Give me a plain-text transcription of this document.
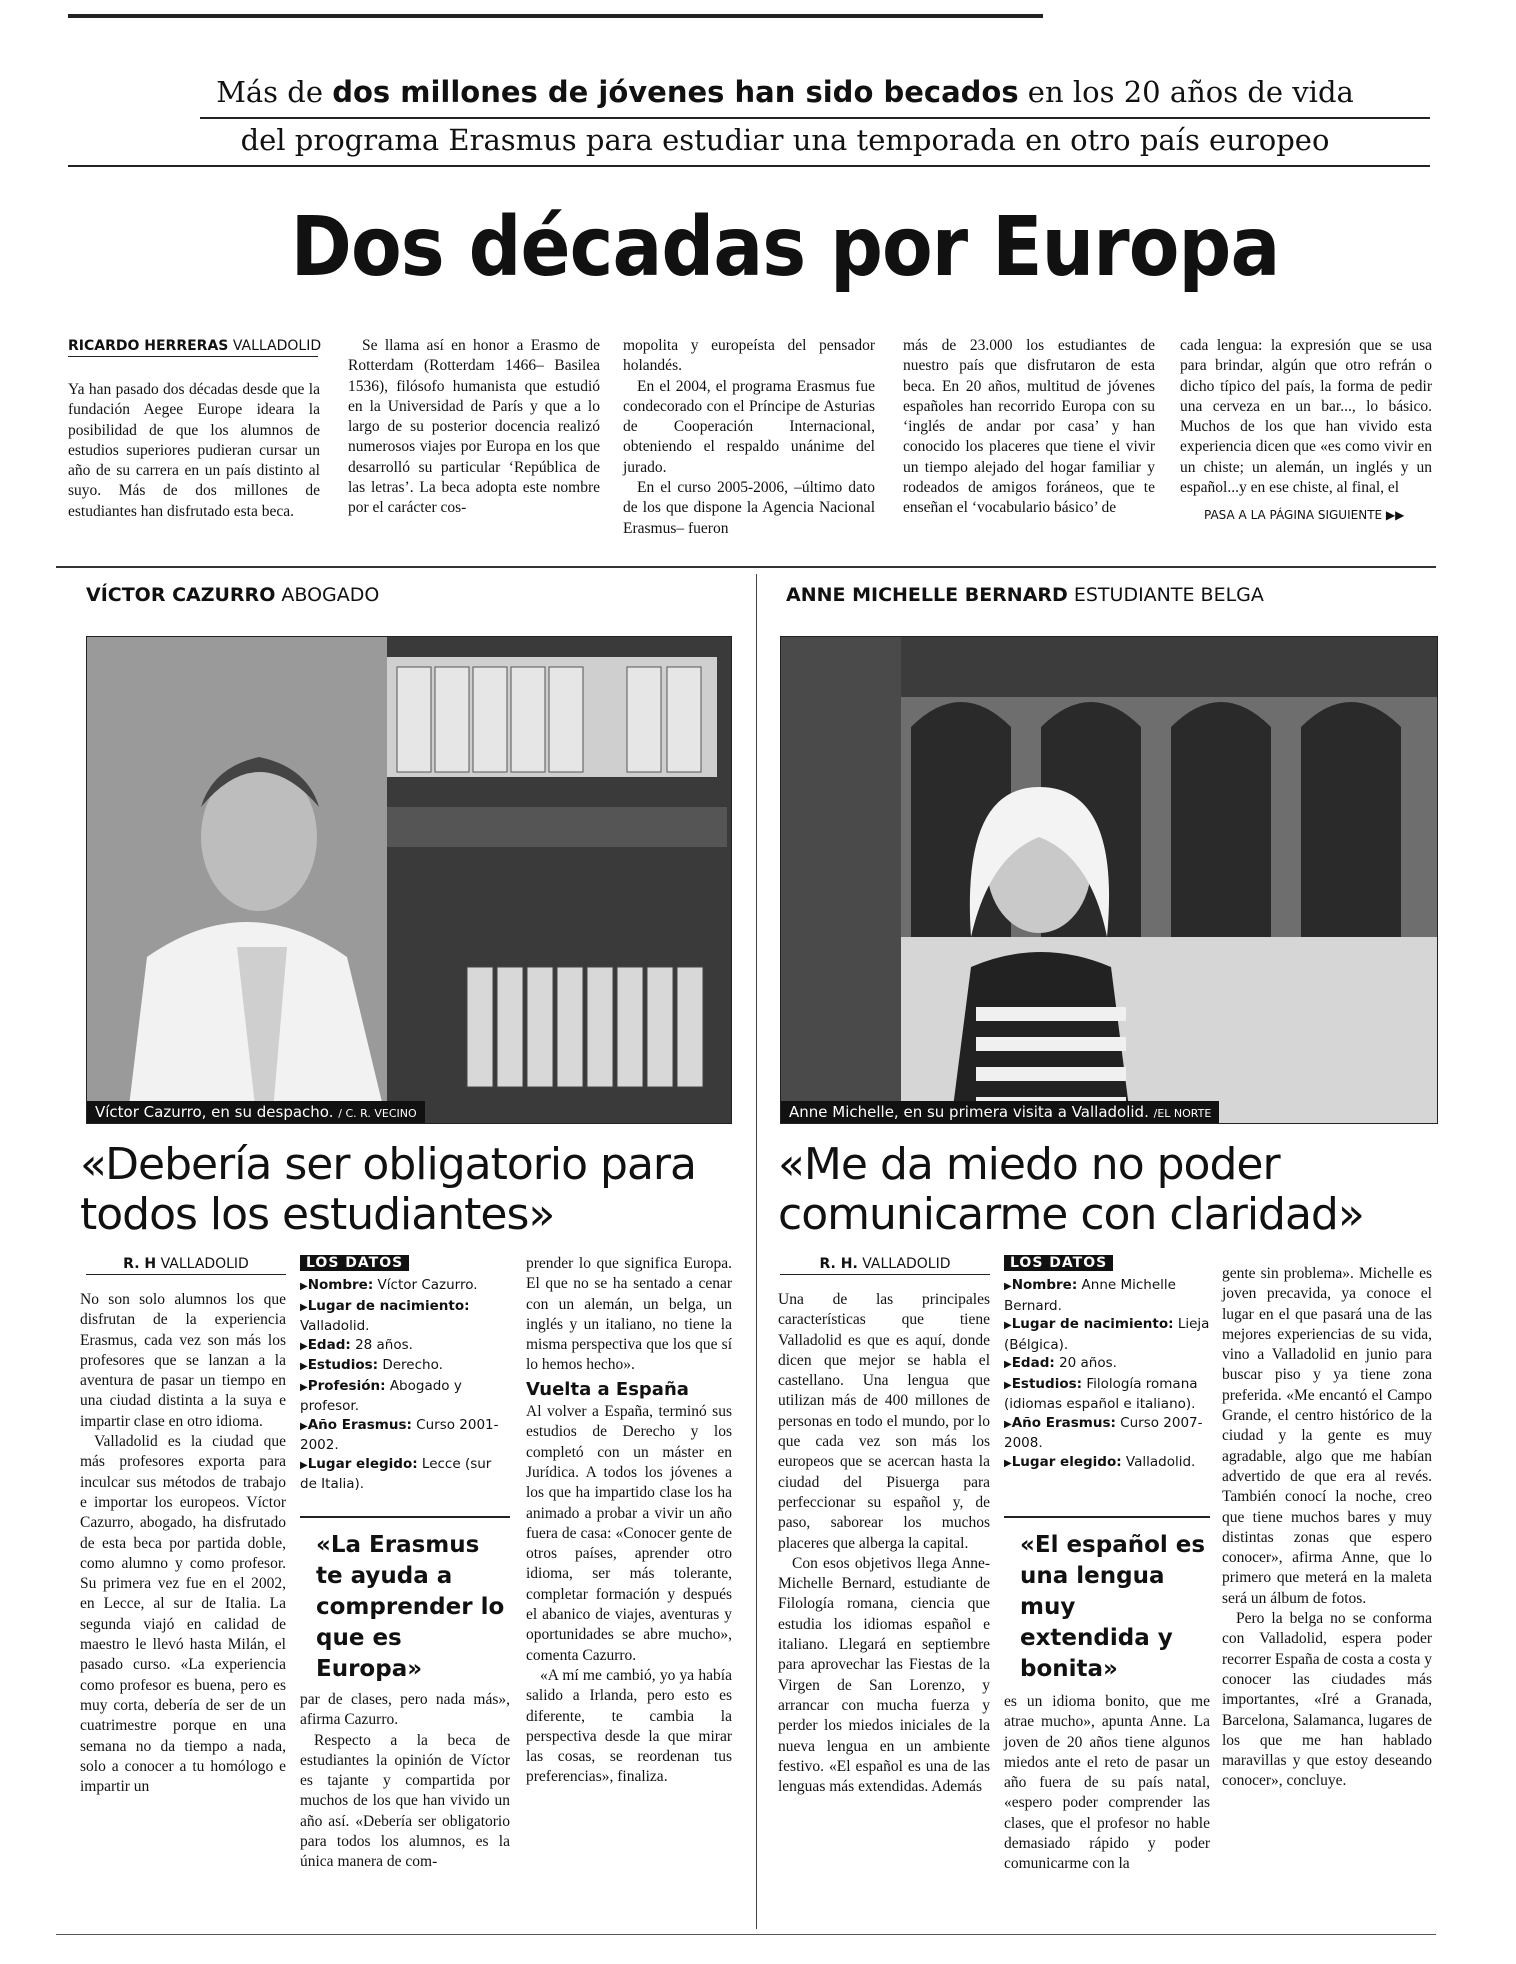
Más de dos millones de jóvenes han sido becados en los 20 años de vida
del programa Erasmus para estudiar una temporada en otro país europeo
Dos décadas por Europa
RICARDO HERRERAS VALLADOLID

Ya han pasado dos décadas desde que la fundación Aegee Europe ideara la posibilidad de que los alumnos de estudios superiores pudieran cursar un año de su carrera en un país distinto al suyo. Más de dos millones de estudiantes han disfrutado esta beca.

Se llama así en honor a Erasmo de Rotterdam (Rotterdam 1466– Basilea 1536), filósofo humanista que estudió en la Universidad de París y que a lo largo de su posterior docencia realizó numerosos viajes por Europa en los que desarrolló su particular ‘República de las letras’. La beca adopta este nombre por el carácter cos-

mopolita y europeísta del pensador holandés.

En el 2004, el programa Erasmus fue condecorado con el Príncipe de Asturias de Cooperación Internacional, obteniendo el respaldo unánime del jurado.

En el curso 2005-2006, –último dato de los que dispone la Agencia Nacional Erasmus– fueron

más de 23.000 los estudiantes de nuestro país que disfrutaron de esta beca. En 20 años, multitud de jóvenes españoles han recorrido Europa con su ‘inglés de andar por casa’ y han conocido los placeres que tiene el vivir un tiempo alejado del hogar familiar y rodeados de amigos foráneos, que te enseñan el ‘vocabulario básico’ de

cada lengua: la expresión que se usa para brindar, algún que otro refrán o dicho típico del país, la forma de pedir una cerveza en un bar..., lo básico. Muchos de los que han vivido esta experiencia dicen que «es como vivir en un chiste; un alemán, un inglés y un español...y en ese chiste, al final, el

PASA A LA PÁGINA SIGUIENTE ▶▶
VÍCTOR CAZURRO ABOGADO
Víctor Cazurro, en su despacho. / C. R. VECINO
«Debería ser obligatorio para todos los estudiantes»
R. H VALLADOLID

No son solo alumnos los que disfrutan de la experiencia Erasmus, cada vez son más los profesores que se lanzan a la aventura de pasar un tiempo en una ciudad distinta a la suya e impartir clase en otro idioma.

Valladolid es la ciudad que más profesores exporta para inculcar sus métodos de trabajo e importar los europeos. Víctor Cazurro, abogado, ha disfrutado de esta beca por partida doble, como alumno y como profesor. Su primera vez fue en el 2002, en Lecce, al sur de Italia. La segunda viajó en calidad de maestro le llevó hasta Milán, el pasado curso. «La experiencia como profesor es buena, pero es muy corta, debería de ser de un cuatrimestre porque en una semana no da tiempo a nada, solo a conocer a tu homólogo e impartir un

LOS DATOS
▶ Nombre: Víctor Cazurro.
▶ Lugar de nacimiento: Valladolid.
▶ Edad: 28 años.
▶ Estudios: Derecho.
▶ Profesión: Abogado y profesor.
▶ Año Erasmus: Curso 2001-2002.
▶ Lugar elegido: Lecce (sur de Italia).
«La Erasmus te ayuda a comprender lo que es Europa»

par de clases, pero nada más», afirma Cazurro.

Respecto a la beca de estudiantes la opinión de Víctor es tajante y compartida por muchos de los que han vivido un año así. «Debería ser obligatorio para todos los alumnos, es la única manera de com-

prender lo que significa Europa. El que no se ha sentado a cenar con un alemán, un belga, un inglés y un italiano, no tiene la misma perspectiva que los que sí lo hemos hecho».

Vuelta a España

Al volver a España, terminó sus estudios de Derecho y los completó con un máster en Jurídica. A todos los jóvenes a los que ha impartido clase los ha animado a probar a vivir un año fuera de casa: «Conocer gente de otros países, aprender otro idioma, ser más tolerante, completar formación y después el abanico de viajes, aventuras y oportunidades se abre mucho», comenta Cazurro.

«A mí me cambió, yo ya había salido a Irlanda, pero esto es diferente, te cambia la perspectiva desde la que mirar las cosas, se reordenan tus preferencias», finaliza.

ANNE MICHELLE BERNARD ESTUDIANTE BELGA
Anne Michelle, en su primera visita a Valladolid. /EL NORTE
«Me da miedo no poder comunicarme con claridad»
R. H. VALLADOLID

Una de las principales características que tiene Valladolid es que es aquí, donde dicen que mejor se habla el castellano. Una lengua que utilizan más de 400 millones de personas en todo el mundo, por lo que cada vez son más los europeos que se acercan hasta la ciudad del Pisuerga para perfeccionar su español y, de paso, saborear los muchos placeres que alberga la capital.

Con esos objetivos llega Anne-Michelle Bernard, estudiante de Filología romana, ciencia que estudia los idiomas español e italiano. Llegará en septiembre para aprovechar las Fiestas de la Virgen de San Lorenzo, y arrancar con mucha fuerza y perder los miedos iniciales de la nueva lengua en un ambiente festivo. «El español es una de las lenguas más extendidas. Además

LOS DATOS
▶ Nombre: Anne Michelle Bernard.
▶ Lugar de nacimiento: Lieja (Bélgica).
▶ Edad: 20 años.
▶ Estudios: Filología romana (idiomas español e italiano).
▶ Año Erasmus: Curso 2007-2008.
▶ Lugar elegido: Valladolid.
«El español es una lengua muy extendida y bonita»

es un idioma bonito, que me atrae mucho», apunta Anne. La joven de 20 años tiene algunos miedos ante el reto de pasar un año fuera de su país natal, «espero poder comprender las clases, que el profesor no hable demasiado rápido y poder comunicarme con la

gente sin problema». Michelle es joven precavida, ya conoce el lugar en el que pasará una de las mejores experiencias de su vida, vino a Valladolid en junio para buscar piso y ya tiene zona preferida. «Me encantó el Campo Grande, el centro histórico de la ciudad y la gente es muy agradable, algo que me habían advertido de que era al revés. También conocí la noche, creo que tiene muchos bares y muy distintas zonas que espero conocer», afirma Anne, que lo primero que meterá en la maleta será un álbum de fotos.

Pero la belga no se conforma con Valladolid, espera poder recorrer España de costa a costa y conocer las ciudades más importantes, «Iré a Granada, Barcelona, Salamanca, lugares de los que me han hablado maravillas y que estoy deseando conocer», concluye.
